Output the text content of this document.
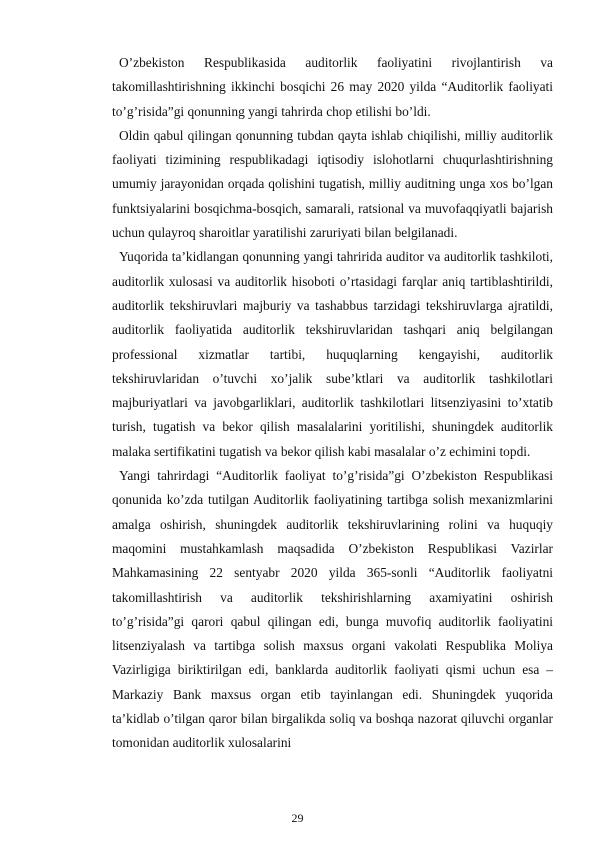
O’zbekiston Respublikasida auditorlik faoliyatini rivojlantirish va takomillashtirishning ikkinchi bosqichi 26 may 2020 yilda “Auditorlik faoliyati to’g’risida”gi qonunning yangi tahrirda chop etilishi bo’ldi.

Oldin qabul qilingan qonunning tubdan qayta ishlab chiqilishi, milliy auditorlik faoliyati tizimining respublikadagi iqtisodiy islohotlarni chuqurlashtirishning umumiy jarayonidan orqada qolishini tugatish, milliy auditning unga xos bo’lgan funktsiyalarini bosqichma-bosqich, samarali, ratsional va muvofaqqiyatli bajarish uchun qulayroq sharoitlar yaratilishi zaruriyati bilan belgilanadi.

Yuqorida ta’kidlangan qonunning yangi tahririda auditor va auditorlik tashkiloti, auditorlik xulosasi va auditorlik hisoboti o’rtasidagi farqlar aniq tartiblashtirildi, auditorlik tekshiruvlari majburiy va tashabbus tarzidagi tekshiruvlarga ajratildi, auditorlik faoliyatida auditorlik tekshiruvlaridan tashqari aniq belgilangan professional xizmatlar tartibi, huquqlarning kengayishi, auditorlik tekshiruvlaridan o’tuvchi xo’jalik sube’ktlari va auditorlik tashkilotlari majburiyatlari va javobgarliklari, auditorlik tashkilotlari litsenziyasini to’xtatib turish, tugatish va bekor qilish masalalarini yoritilishi, shuningdek auditorlik malaka sertifikatini tugatish va bekor qilish kabi masalalar o’z echimini topdi.

Yangi tahrirdagi “Auditorlik faoliyat to’g’risida”gi O’zbekiston Respublikasi qonunida ko’zda tutilgan Auditorlik faoliyatining tartibga solish mexanizmlarini amalga oshirish, shuningdek auditorlik tekshiruvlarining rolini va huquqiy maqomini mustahkamlash maqsadida O’zbekiston Respublikasi Vazirlar Mahkamasining 22 sentyabr 2020 yilda 365-sonli “Auditorlik faoliyatni takomillashtirish va auditorlik tekshirishlarning axamiyatini oshirish to’g’risida”gi qarori qabul qilingan edi, bunga muvofiq auditorlik faoliyatini litsenziyalash va tartibga solish maxsus organi vakolati Respublika Moliya Vazirligiga biriktirilgan edi, banklarda auditorlik faoliyati qismi uchun esa – Markaziy Bank maxsus organ etib tayinlangan edi. Shuningdek yuqorida ta’kidlab o’tilgan qaror bilan birgalikda soliq va boshqa nazorat qiluvchi organlar tomonidan auditorlik xulosalarini

29
